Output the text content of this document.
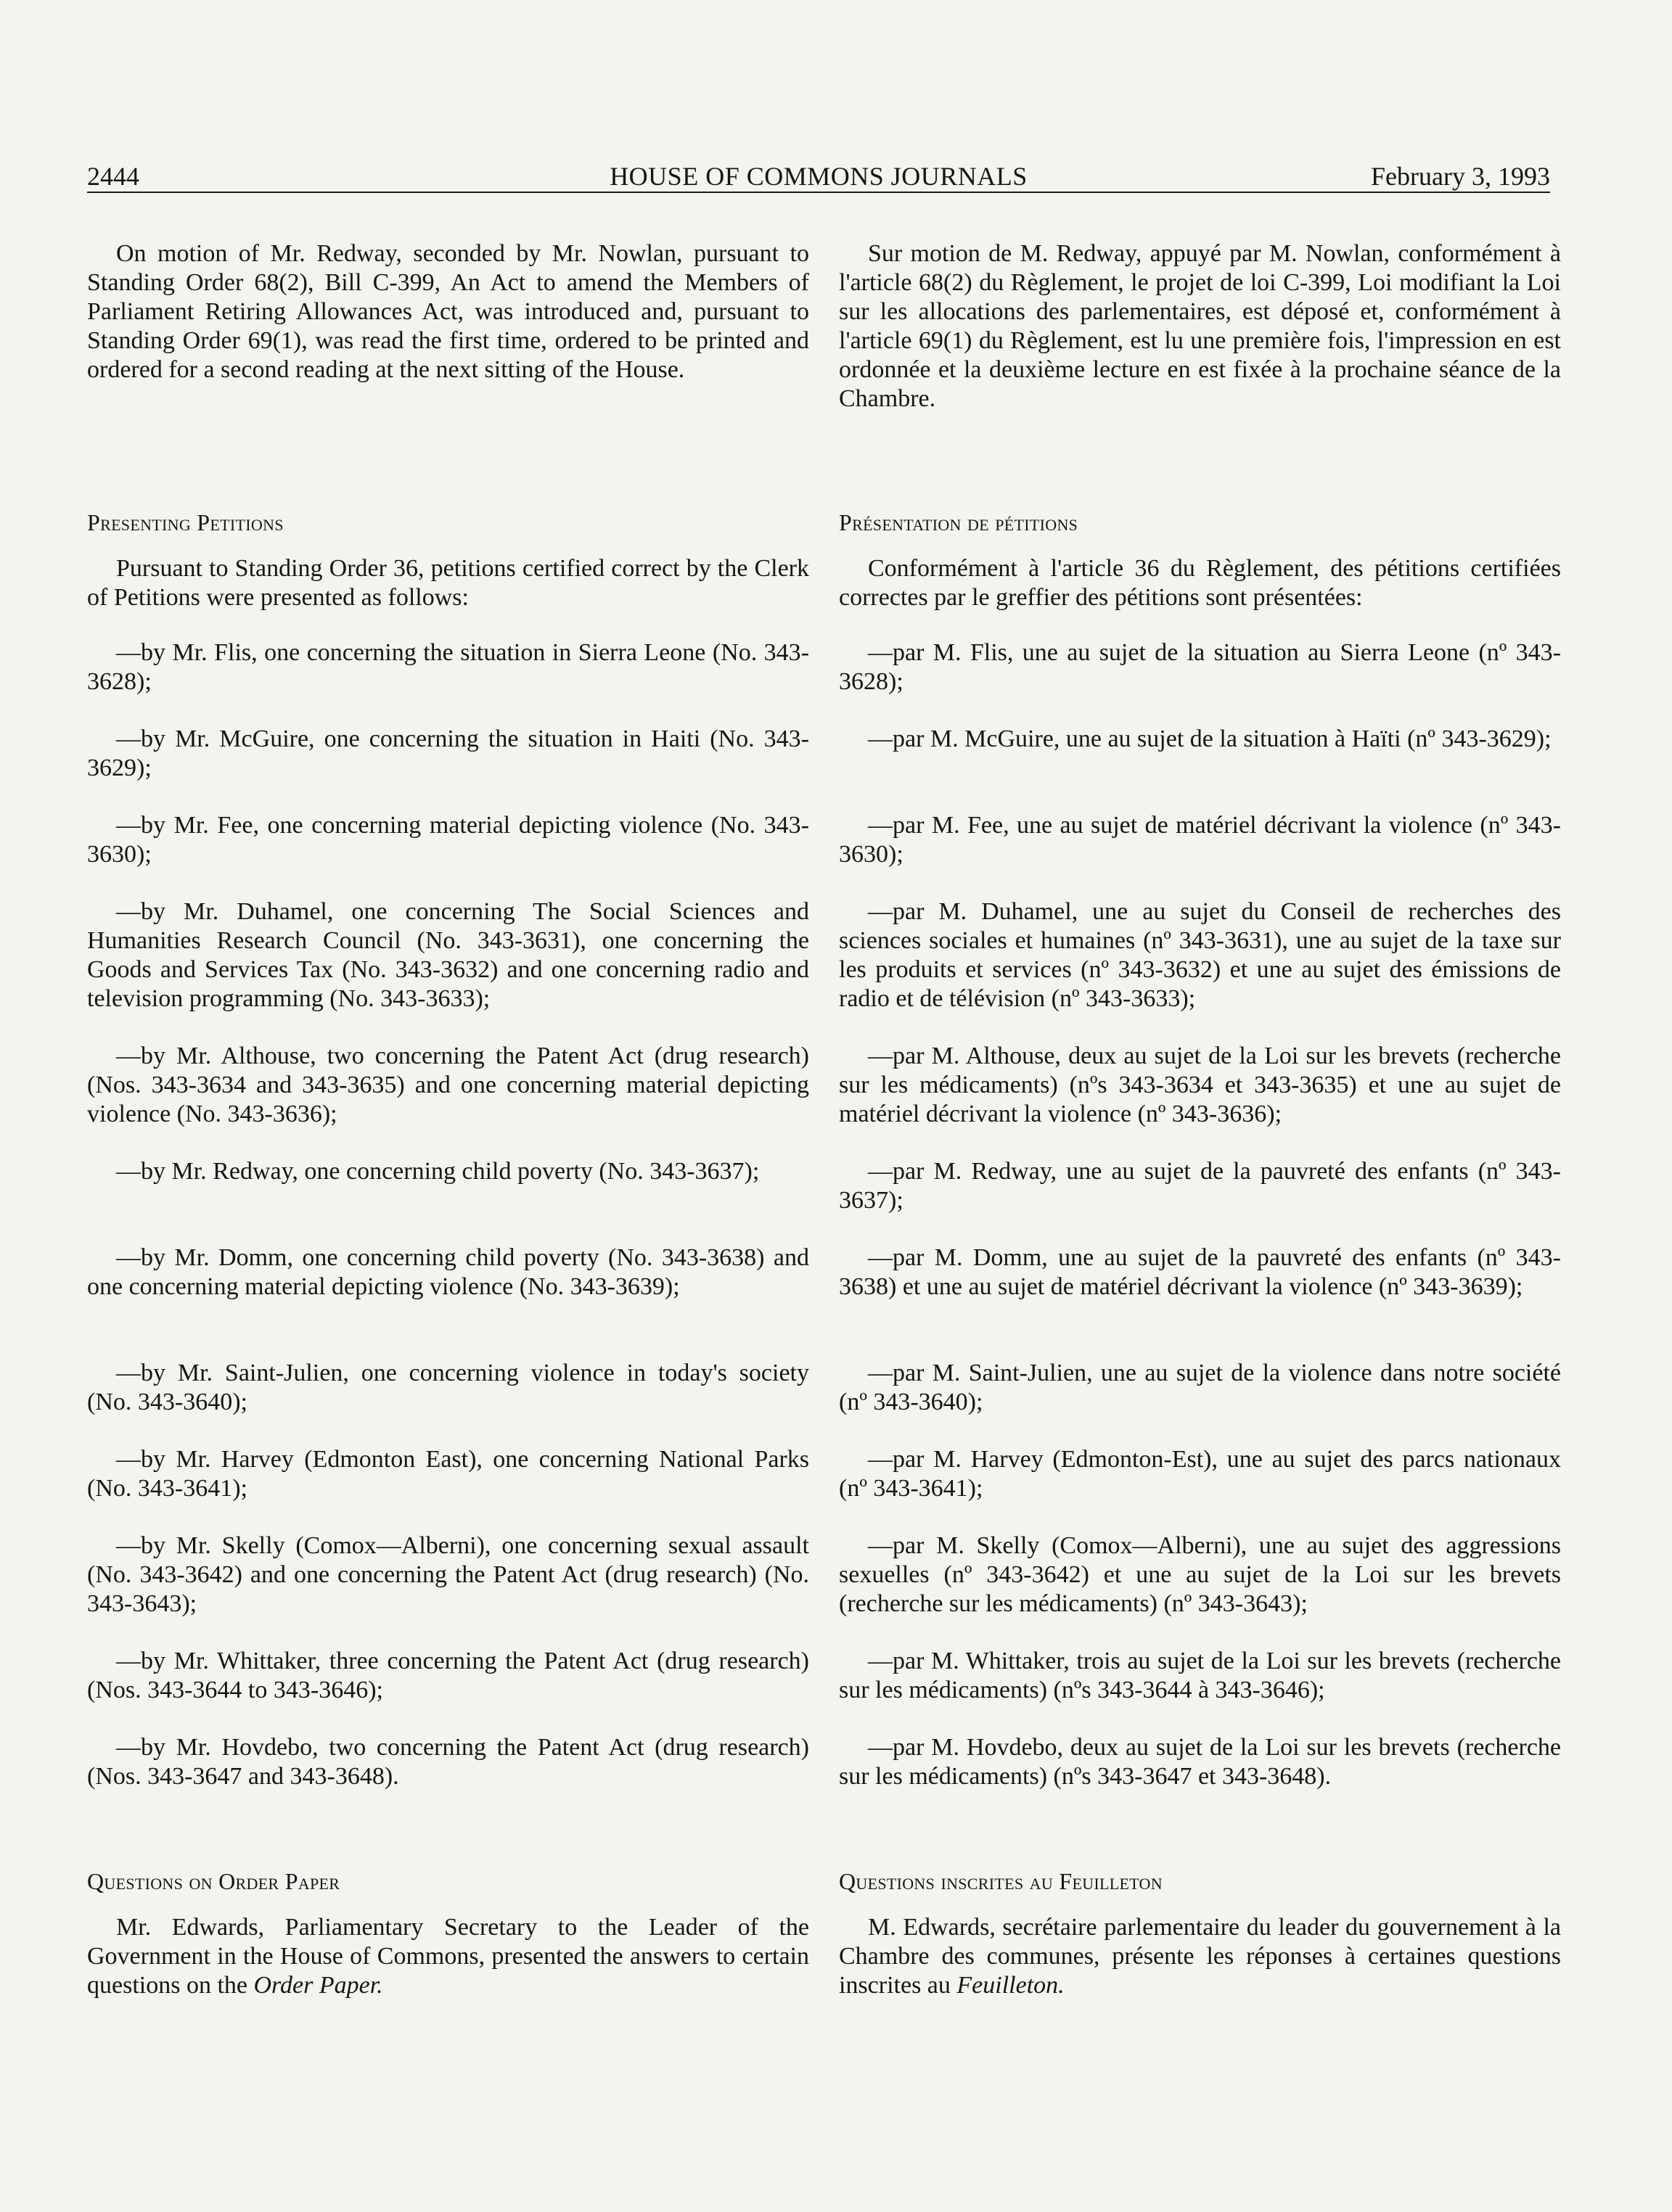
2444	HOUSE OF COMMONS JOURNALS	February 3, 1993

On motion of Mr. Redway, seconded by Mr. Nowlan, pursuant to Standing Order 68(2), Bill C-399, An Act to amend the Members of Parliament Retiring Allowances Act, was introduced and, pursuant to Standing Order 69(1), was read the first time, ordered to be printed and ordered for a second reading at the next sitting of the House.

Presenting Petitions

Pursuant to Standing Order 36, petitions certified correct by the Clerk of Petitions were presented as follows:

—by Mr. Flis, one concerning the situation in Sierra Leone (No. 343-3628);

—by Mr. McGuire, one concerning the situation in Haiti (No. 343-3629);

—by Mr. Fee, one concerning material depicting violence (No. 343-3630);

—by Mr. Duhamel, one concerning The Social Sciences and Humanities Research Council (No. 343-3631), one concerning the Goods and Services Tax (No. 343-3632) and one concerning radio and television programming (No. 343-3633);

—by Mr. Althouse, two concerning the Patent Act (drug research) (Nos. 343-3634 and 343-3635) and one concerning material depicting violence (No. 343-3636);

—by Mr. Redway, one concerning child poverty (No. 343-3637);

—by Mr. Domm, one concerning child poverty (No. 343-3638) and one concerning material depicting violence (No. 343-3639);

—by Mr. Saint-Julien, one concerning violence in today's society (No. 343-3640);

—by Mr. Harvey (Edmonton East), one concerning National Parks (No. 343-3641);

—by Mr. Skelly (Comox—Alberni), one concerning sexual assault (No. 343-3642) and one concerning the Patent Act (drug research) (No. 343-3643);

—by Mr. Whittaker, three concerning the Patent Act (drug research) (Nos. 343-3644 to 343-3646);

—by Mr. Hovdebo, two concerning the Patent Act (drug research) (Nos. 343-3647 and 343-3648).

Questions on Order Paper

Mr. Edwards, Parliamentary Secretary to the Leader of the Government in the House of Commons, presented the answers to certain questions on the Order Paper.

Sur motion de M. Redway, appuyé par M. Nowlan, conformément à l'article 68(2) du Règlement, le projet de loi C-399, Loi modifiant la Loi sur les allocations des parlementaires, est déposé et, conformément à l'article 69(1) du Règlement, est lu une première fois, l'impression en est ordonnée et la deuxième lecture en est fixée à la prochaine séance de la Chambre.

Présentation de pétitions

Conformément à l'article 36 du Règlement, des pétitions certifiées correctes par le greffier des pétitions sont présentées:

—par M. Flis, une au sujet de la situation au Sierra Leone (nº 343-3628);

—par M. McGuire, une au sujet de la situation à Haïti (nº 343-3629);

—par M. Fee, une au sujet de matériel décrivant la violence (nº 343-3630);

—par M. Duhamel, une au sujet du Conseil de recherches des sciences sociales et humaines (nº 343-3631), une au sujet de la taxe sur les produits et services (nº 343-3632) et une au sujet des émissions de radio et de télévision (nº 343-3633);

—par M. Althouse, deux au sujet de la Loi sur les brevets (recherche sur les médicaments) (nºs 343-3634 et 343-3635) et une au sujet de matériel décrivant la violence (nº 343-3636);

—par M. Redway, une au sujet de la pauvreté des enfants (nº 343-3637);

—par M. Domm, une au sujet de la pauvreté des enfants (nº 343-3638) et une au sujet de matériel décrivant la violence (nº 343-3639);

—par M. Saint-Julien, une au sujet de la violence dans notre société (nº 343-3640);

—par M. Harvey (Edmonton-Est), une au sujet des parcs nationaux (nº 343-3641);

—par M. Skelly (Comox—Alberni), une au sujet des aggressions sexuelles (nº 343-3642) et une au sujet de la Loi sur les brevets (recherche sur les médicaments) (nº 343-3643);

—par M. Whittaker, trois au sujet de la Loi sur les brevets (recherche sur les médicaments) (nºs 343-3644 à 343-3646);

—par M. Hovdebo, deux au sujet de la Loi sur les brevets (recherche sur les médicaments) (nºs 343-3647 et 343-3648).

Questions inscrites au Feuilleton

M. Edwards, secrétaire parlementaire du leader du gouvernement à la Chambre des communes, présente les réponses à certaines questions inscrites au Feuilleton.
